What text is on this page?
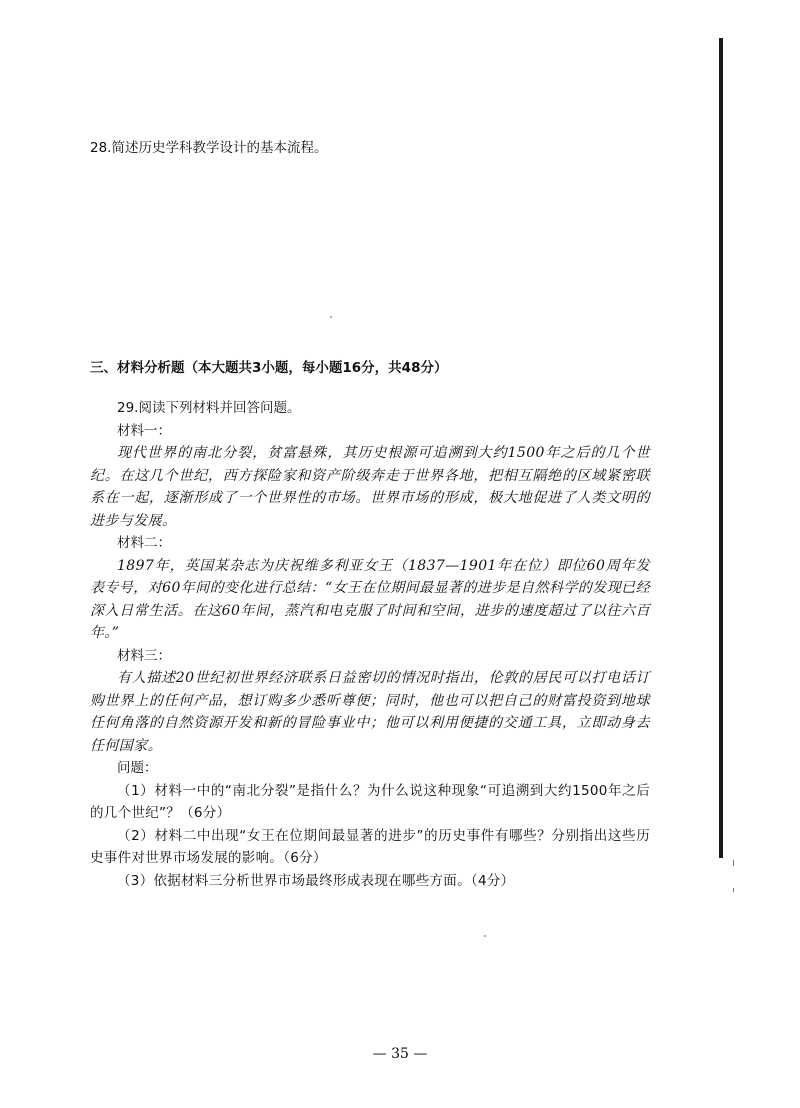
28.简述历史学科教学设计的基本流程。
三、材料分析题（本大题共3小题，每小题16分，共48分）

29.阅读下列材料并回答问题。

材料一：

现代世界的南北分裂，贫富悬殊，其历史根源可追溯到大约1500年之后的几个世纪。在这几个世纪，西方探险家和资产阶级奔走于世界各地，把相互隔绝的区域紧密联系在一起，逐渐形成了一个世界性的市场。世界市场的形成，极大地促进了人类文明的进步与发展。

材料二：

1897年，英国某杂志为庆祝维多利亚女王（1837—1901年在位）即位60周年发表专号，对60年间的变化进行总结：“女王在位期间最显著的进步是自然科学的发现已经深入日常生活。在这60年间，蒸汽和电克服了时间和空间，进步的速度超过了以往六百年。”

材料三：

有人描述20世纪初世界经济联系日益密切的情况时指出，伦敦的居民可以打电话订购世界上的任何产品，想订购多少悉听尊便；同时，他也可以把自己的财富投资到地球任何角落的自然资源开发和新的冒险事业中；他可以利用便捷的交通工具，立即动身去任何国家。

问题：

（1）材料一中的“南北分裂”是指什么？为什么说这种现象“可追溯到大约1500年之后的几个世纪”？（6分）

（2）材料二中出现“女王在位期间最显著的进步”的历史事件有哪些？分别指出这些历史事件对世界市场发展的影响。（6分）

（3）依据材料三分析世界市场最终形成表现在哪些方面。（4分）

— 35 —
